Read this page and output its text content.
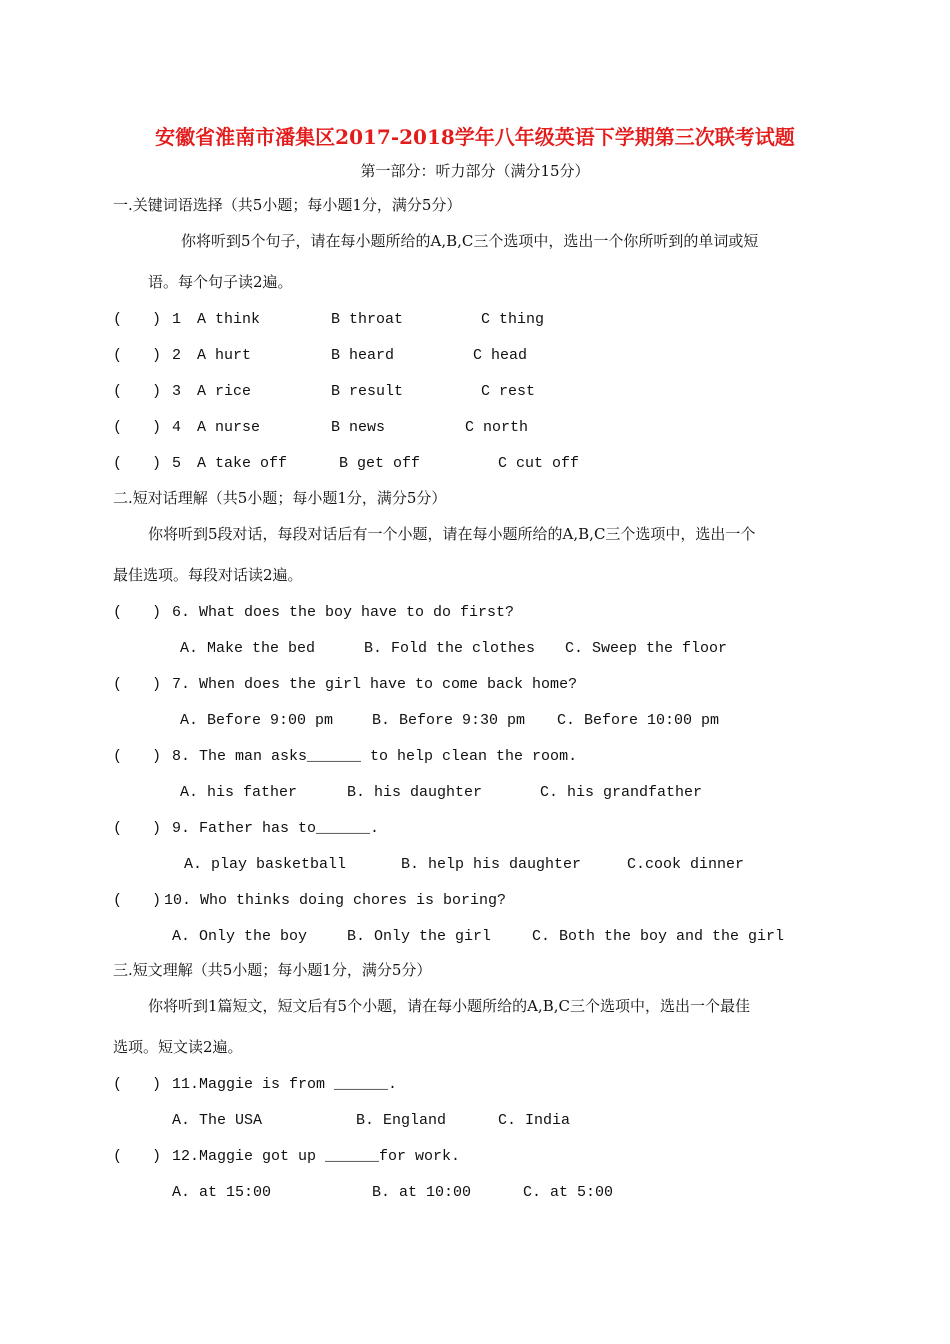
安徽省淮南市潘集区2017-2018学年八年级英语下学期第三次联考试题
第一部分：听力部分（满分15分）
一.关键词语选择（共5小题；每小题1分，满分5分）
你将听到5个句子，请在每小题所给的A,B,C三个选项中，选出一个你所听到的单词或短
语。每个句子读2遍。
(　　) 1 A think	B throat	C thing
(　　) 2 A hurt	B heard	C head
(　　) 3 A rice	B result	C rest
(　　) 4 A nurse	B news	C north
(　　) 5 A take off	B get off	C cut off
二.短对话理解（共5小题；每小题1分，满分5分）
你将听到5段对话，每段对话后有一个小题，请在每小题所给的A,B,C三个选项中，选出一个
最佳选项。每段对话读2遍。
(　　) 6. What does the boy have to do first?
A. Make the bed	B. Fold the clothes C. Sweep the floor
(　　) 7. When does the girl have to come back home?
A. Before 9:00 pm	B. Before 9:30 pm C. Before 10:00 pm
(　　) 8. The man asks______ to help clean the room.
A. his father	B. his daughter	C. his grandfather
(　　) 9. Father has to______.
A. play basketball	B. help his daughter	C.cook dinner
(　　) 10. Who thinks doing chores is boring?
A. Only the boy	B. Only the girl	C. Both the boy and the girl
三.短文理解（共5小题；每小题1分，满分5分）
你将听到1篇短文，短文后有5个小题，请在每小题所给的A,B,C三个选项中，选出一个最佳
选项。短文读2遍。
(　　) 11.Maggie is from ______.
A. The USA	B. England	C. India
(　　) 12.Maggie got up ______for work.
A. at 15:00	B. at 10:00	C. at 5:00
